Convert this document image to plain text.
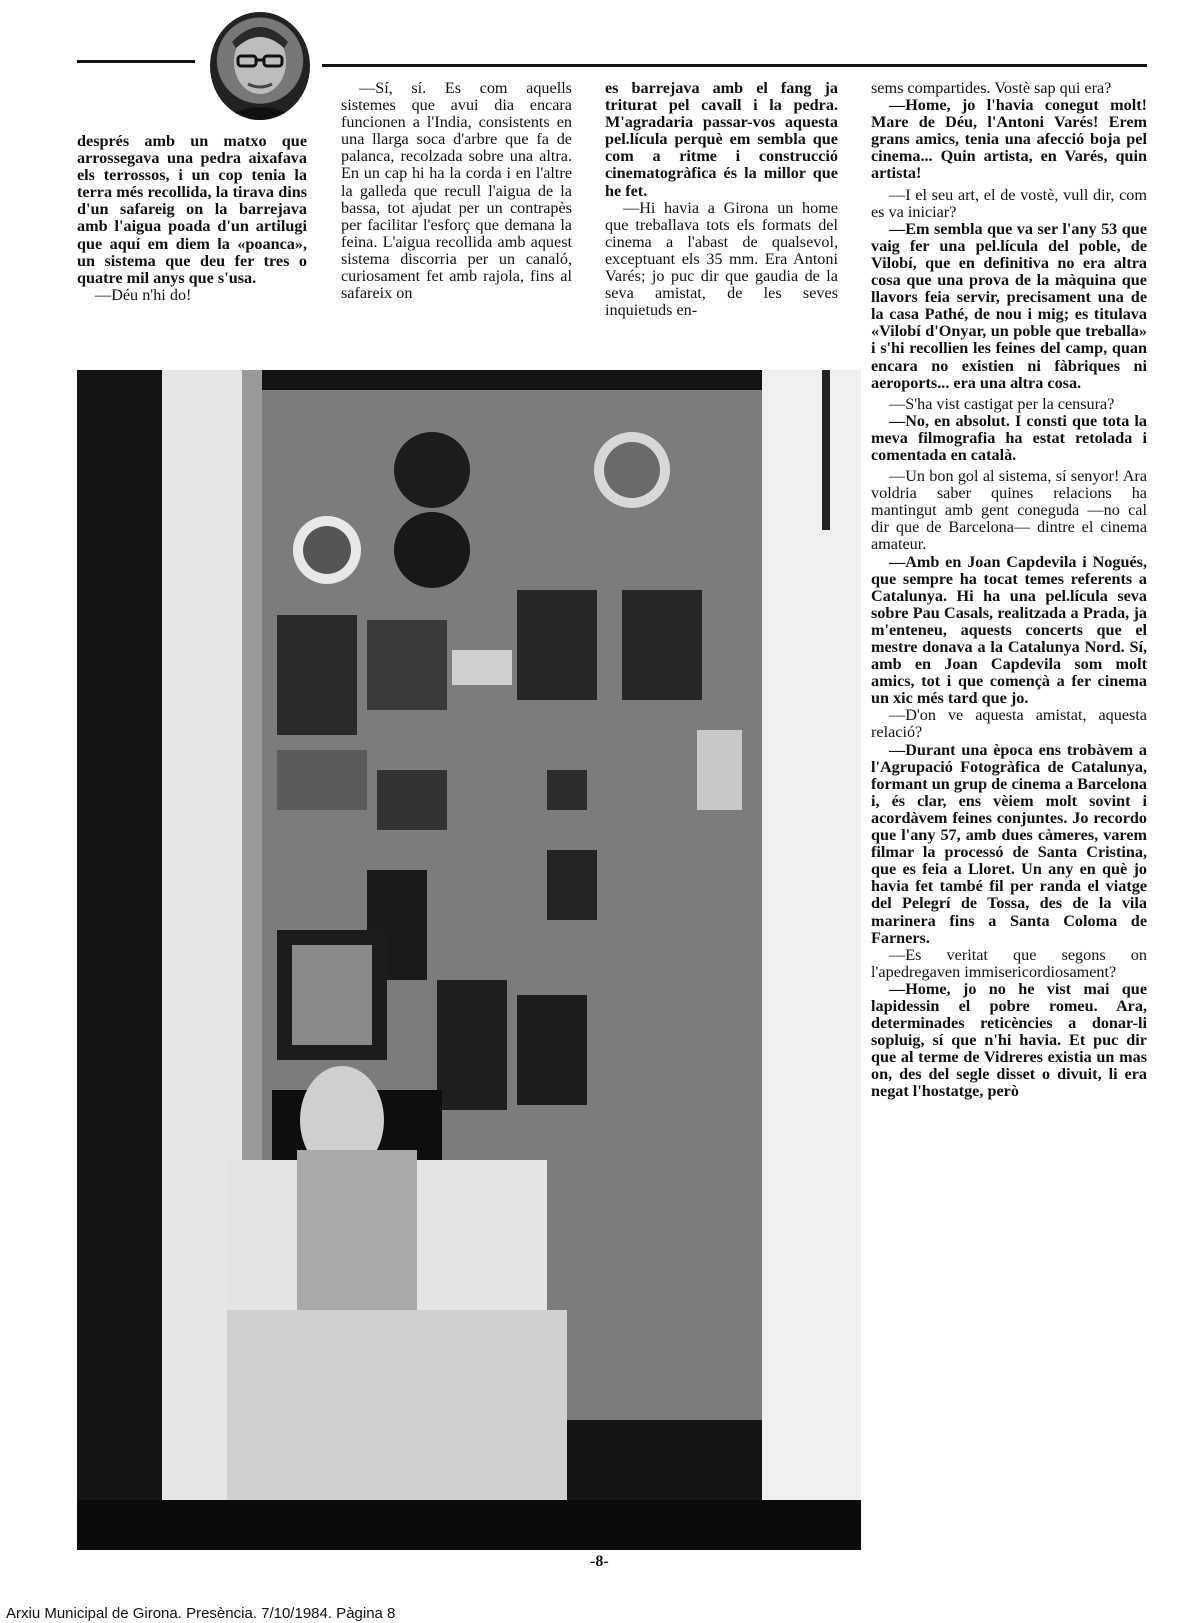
després amb un matxo que arrossegava una pedra aixafava els terrossos, i un cop tenia la terra més recollida, la tirava dins d'un safareig on la barrejava amb l'aigua poada d'un artilugi que aquí em diem la «poanca», un sistema que deu fer tres o quatre mil anys que s'usa.

—Déu n'hi do!

—Sí, sí. Es com aquells sistemes que avui dia encara funcionen a l'India, consistents en una llarga soca d'arbre que fa de palanca, recolzada sobre una altra. En un cap hi ha la corda i en l'altre la galleda que recull l'aigua de la bassa, tot ajudat per un contrapès per facilitar l'esforç que demana la feina. L'aigua recollida amb aquest sistema discorria per un canaló, curiosament fet amb rajola, fins al safareix on

es barrejava amb el fang ja triturat pel cavall i la pedra. M'agradaria passar-vos aquesta pel.lícula perquè em sembla que com a ritme i construcció cinematogràfica és la millor que he fet.

—Hi havia a Girona un home que treballava tots els formats del cinema a l'abast de qualsevol, exceptuant els 35 mm. Era Antoni Varés; jo puc dir que gaudia de la seva amistat, de les seves inquietuds en-

sems compartides. Vostè sap qui era?

—Home, jo l'havia conegut molt! Mare de Déu, l'Antoni Varés! Erem grans amics, tenia una afecció boja pel cinema... Quin artista, en Varés, quin artista!

—I el seu art, el de vostè, vull dir, com es va iniciar?

—Em sembla que va ser l'any 53 que vaig fer una pel.lícula del poble, de Vilobí, que en definitiva no era altra cosa que una prova de la màquina que llavors feia servir, precisament una de la casa Pathé, de nou i mig; es titulava «Vilobí d'Onyar, un poble que treballa» i s'hi recollien les feines del camp, quan encara no existien ni fàbriques ni aeroports... era una altra cosa.

—S'ha vist castigat per la censura?

—No, en absolut. I consti que tota la meva filmografia ha estat retolada i comentada en català.

—Un bon gol al sistema, sí senyor! Ara voldria saber quines relacions ha mantingut amb gent coneguda —no cal dir que de Barcelona— dintre el cinema amateur.

—Amb en Joan Capdevila i Nogués, que sempre ha tocat temes referents a Catalunya. Hi ha una pel.lícula seva sobre Pau Casals, realitzada a Prada, ja m'enteneu, aquests concerts que el mestre donava a la Catalunya Nord. Sí, amb en Joan Capdevila som molt amics, tot i que començà a fer cinema un xic més tard que jo.

—D'on ve aquesta amistat, aquesta relació?

—Durant una època ens trobàvem a l'Agrupació Fotogràfica de Catalunya, formant un grup de cinema a Barcelona i, és clar, ens vèiem molt sovint i acordàvem feines conjuntes. Jo recordo que l'any 57, amb dues càmeres, varem filmar la processó de Santa Cristina, que es feia a Lloret. Un any en què jo havia fet també fil per randa el viatge del Pelegrí de Tossa, des de la vila marinera fins a Santa Coloma de Farners.

—Es veritat que segons on l'apedregaven immisericordiosament?

—Home, jo no he vist mai que lapidessin el pobre romeu. Ara, determinades reticències a donar-li sopluig, sí que n'hi havia. Et puc dir que al terme de Vidreres existia un mas on, des del segle disset o divuit, li era negat l'hostatge, però

-8-
Arxiu Municipal de Girona. Presència. 7/10/1984. Pàgina 8
